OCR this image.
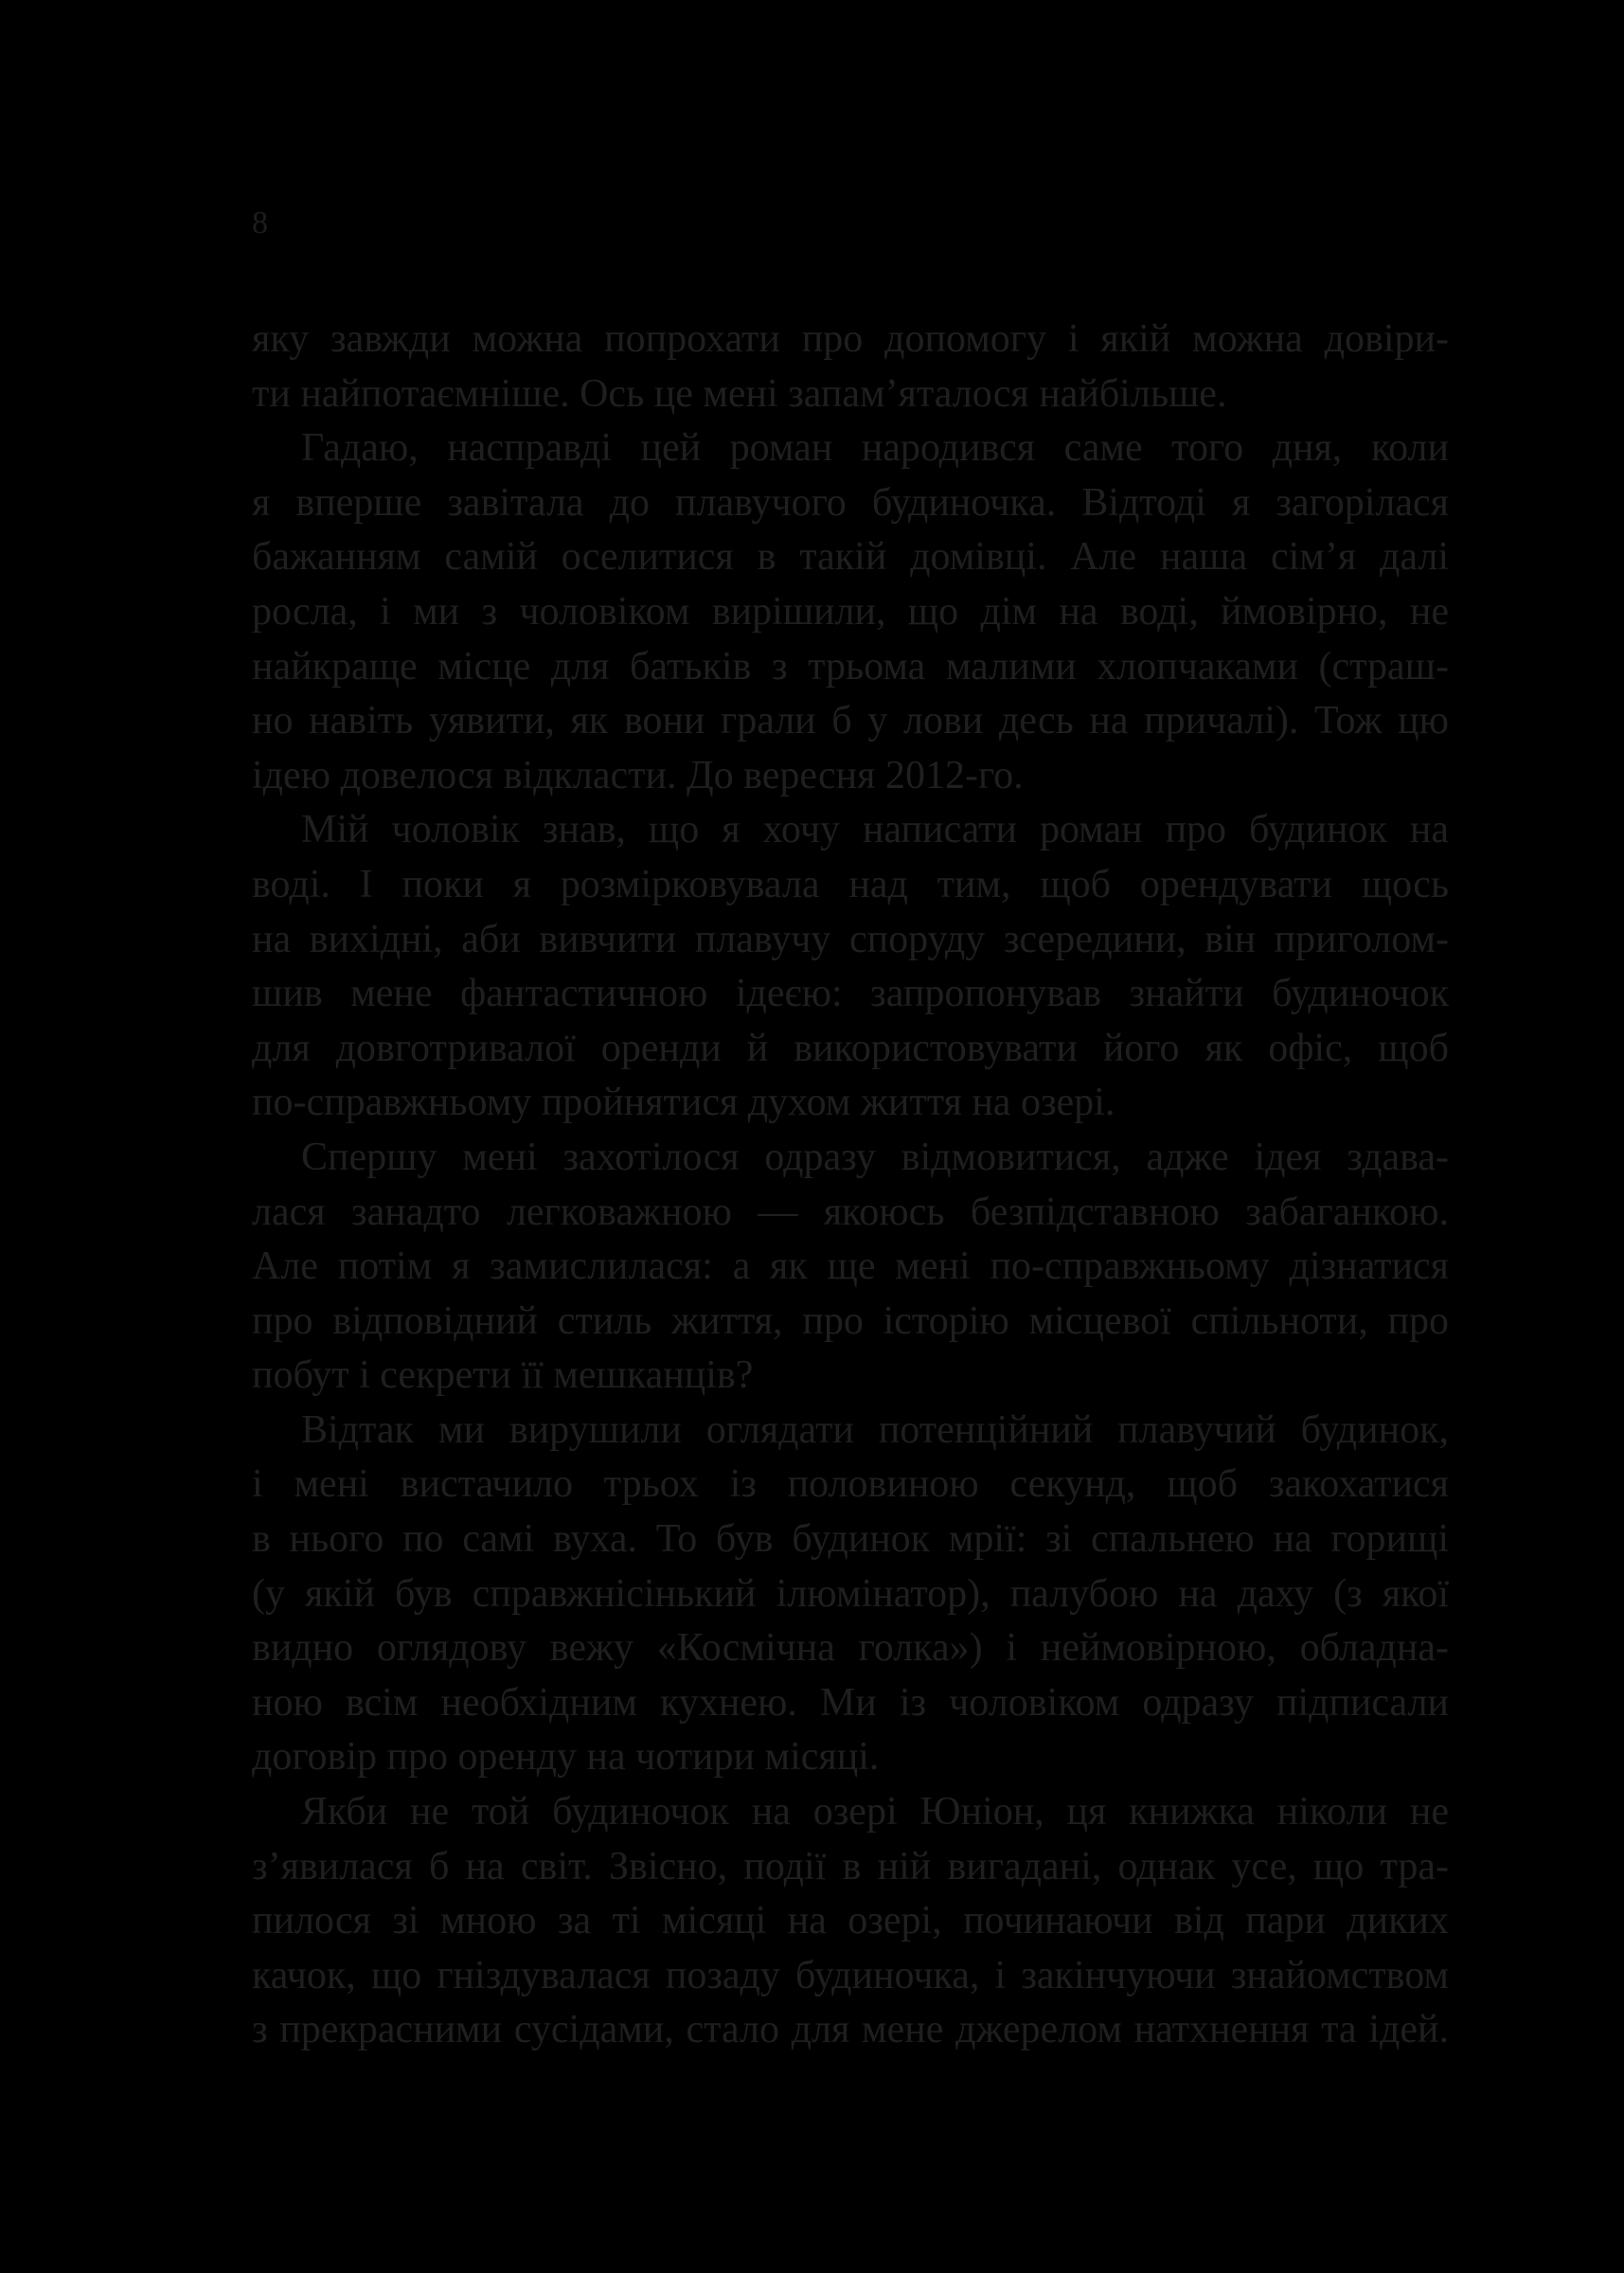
8
яку завжди можна попрохати про допомогу і якій можна довіри-
ти найпотаємніше. Ось це мені запам’яталося найбільше.
Гадаю, насправді цей роман народився саме того дня, коли
я вперше завітала до плавучого будиночка. Відтоді я загорілася
бажанням самій оселитися в такій домівці. Але наша сім’я далі
росла, і ми з чоловіком вирішили, що дім на воді, ймовірно, не
найкраще місце для батьків з трьома малими хлопчаками (страш-
но навіть уявити, як вони грали б у лови десь на причалі). Тож цю
ідею довелося відкласти. До вересня 2012-го.
Мій чоловік знав, що я хочу написати роман про будинок на
воді. І поки я розмірковувала над тим, щоб орендувати щось
на вихідні, аби вивчити плавучу споруду зсередини, він приголом-
шив мене фантастичною ідеєю: запропонував знайти будиночок
для довготривалої оренди й використовувати його як офіс, щоб
по-справжньому пройнятися духом життя на озері.
Спершу мені захотілося одразу відмовитися, адже ідея здава-
лася занадто легковажною — якоюсь безпідставною забаганкою.
Але потім я замислилася: а як ще мені по-справжньому дізнатися
про відповідний стиль життя, про історію місцевої спільноти, про
побут і секрети її мешканців?
Відтак ми вирушили оглядати потенційний плавучий будинок,
і мені вистачило трьох із половиною секунд, щоб закохатися
в нього по самі вуха. То був будинок мрії: зі спальнею на горищі
(у якій був справжнісінький ілюмінатор), палубою на даху (з якої
видно оглядову вежу «Космічна голка») і неймовірною, обладна-
ною всім необхідним кухнею. Ми із чоловіком одразу підписали
договір про оренду на чотири місяці.
Якби не той будиночок на озері Юніон, ця книжка ніколи не
з’явилася б на світ. Звісно, події в ній вигадані, однак усе, що тра-
пилося зі мною за ті місяці на озері, починаючи від пари диких
качок, що гніздувалася позаду будиночка, і закінчуючи знайомством
з прекрасними сусідами, стало для мене джерелом натхнення та ідей.
